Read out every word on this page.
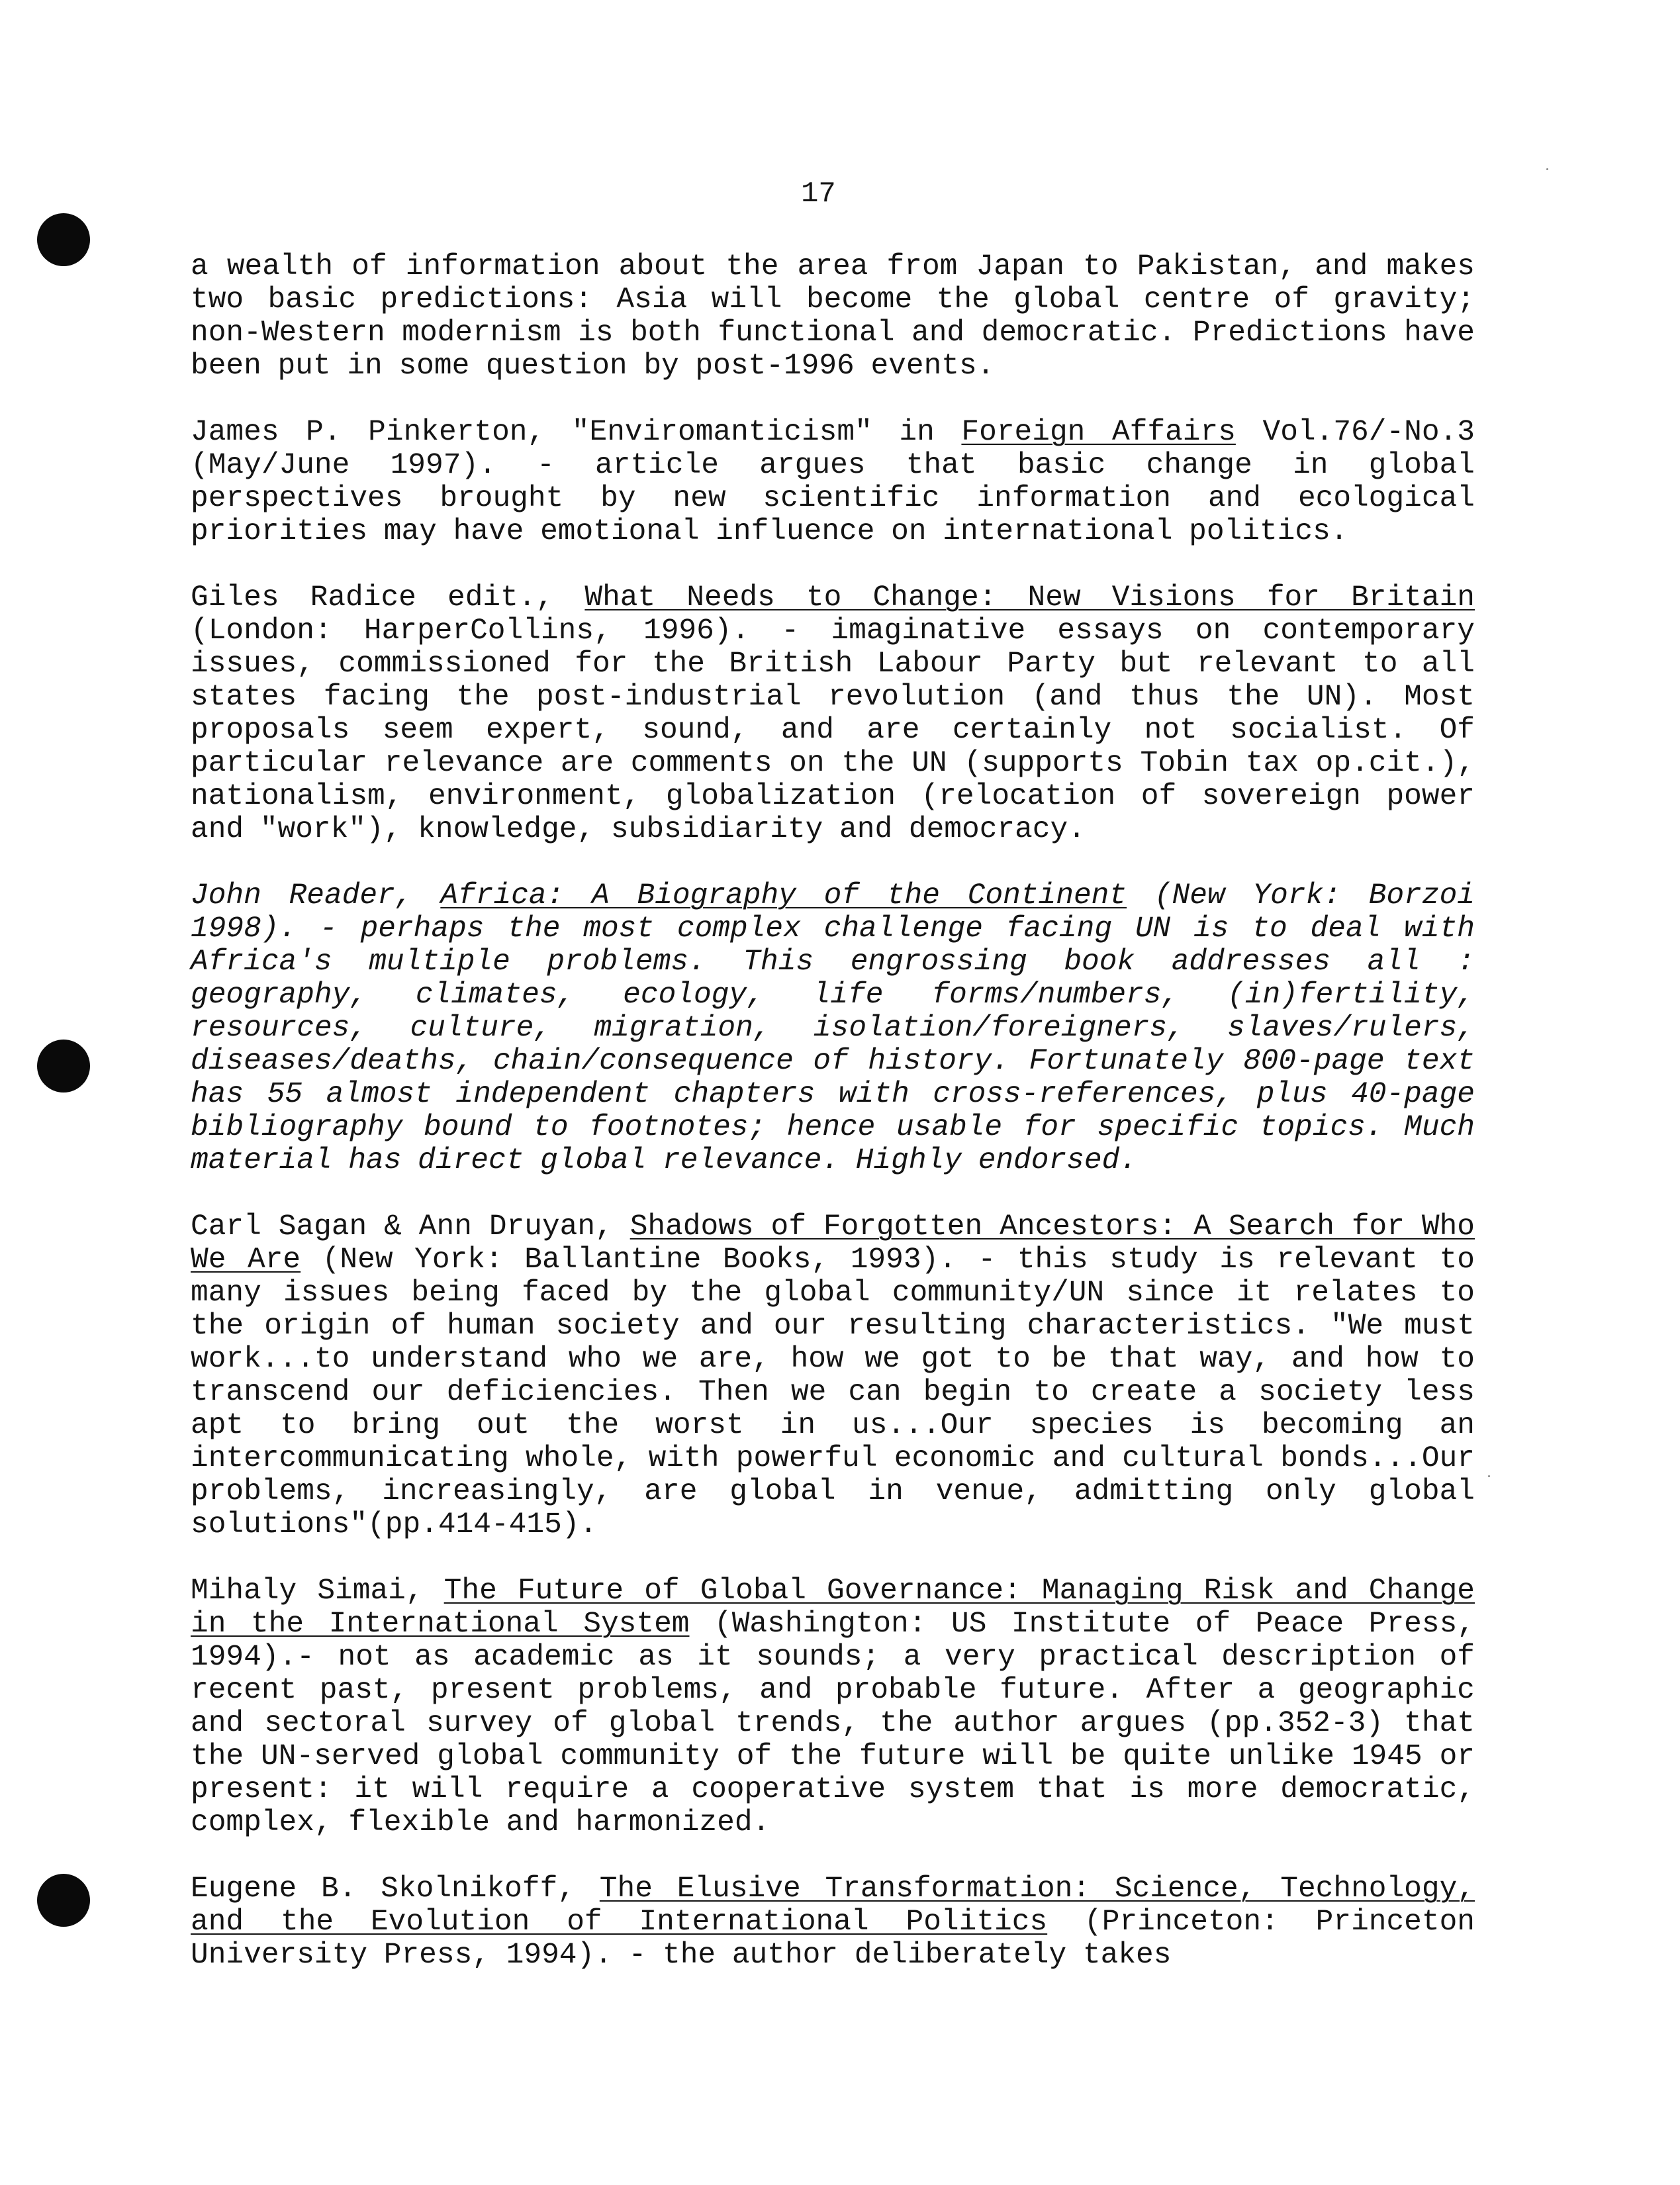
17

a wealth of information about the area from Japan to Pakistan, and makes two basic predictions: Asia will become the global centre of gravity; non-Western modernism is both functional and democratic. Predictions have been put in some question by post-1996 events.

James P. Pinkerton, "Enviromanticism" in Foreign Affairs Vol.76/-No.3 (May/June 1997). - article argues that basic change in global perspectives brought by new scientific information and ecological priorities may have emotional influence on international politics.

Giles Radice edit., What Needs to Change: New Visions for Britain (London: HarperCollins, 1996). - imaginative essays on contemporary issues, commissioned for the British Labour Party but relevant to all states facing the post-industrial revolution (and thus the UN). Most proposals seem expert, sound, and are certainly not socialist. Of particular relevance are comments on the UN (supports Tobin tax op.cit.), nationalism, environment, globalization (relocation of sovereign power and "work"), knowledge, subsidiarity and democracy.

John Reader, Africa: A Biography of the Continent (New York: Borzoi 1998). - perhaps the most complex challenge facing UN is to deal with Africa's multiple problems. This engrossing book addresses all : geography, climates, ecology, life forms/numbers, (in)fertility, resources, culture, migration, isolation/foreigners, slaves/rulers, diseases/deaths, chain/consequence of history. Fortunately 800-page text has 55 almost independent chapters with cross-references, plus 40-page bibliography bound to footnotes; hence usable for specific topics. Much material has direct global relevance. Highly endorsed.

Carl Sagan & Ann Druyan, Shadows of Forgotten Ancestors: A Search for Who We Are (New York: Ballantine Books, 1993). - this study is relevant to many issues being faced by the global community/UN since it relates to the origin of human society and our resulting characteristics. "We must work...to understand who we are, how we got to be that way, and how to transcend our deficiencies. Then we can begin to create a society less apt to bring out the worst in us...Our species is becoming an intercommunicating whole, with powerful economic and cultural bonds...Our problems, increasingly, are global in venue, admitting only global solutions"(pp.414-415).

Mihaly Simai, The Future of Global Governance: Managing Risk and Change in the International System (Washington: US Institute of Peace Press, 1994).- not as academic as it sounds; a very practical description of recent past, present problems, and probable future. After a geographic and sectoral survey of global trends, the author argues (pp.352-3) that the UN-served global community of the future will be quite unlike 1945 or present: it will require a cooperative system that is more democratic, complex, flexible and harmonized.

Eugene B. Skolnikoff, The Elusive Transformation: Science, Technology, and the Evolution of International Politics (Princeton: Princeton University Press, 1994). - the author deliberately takes
